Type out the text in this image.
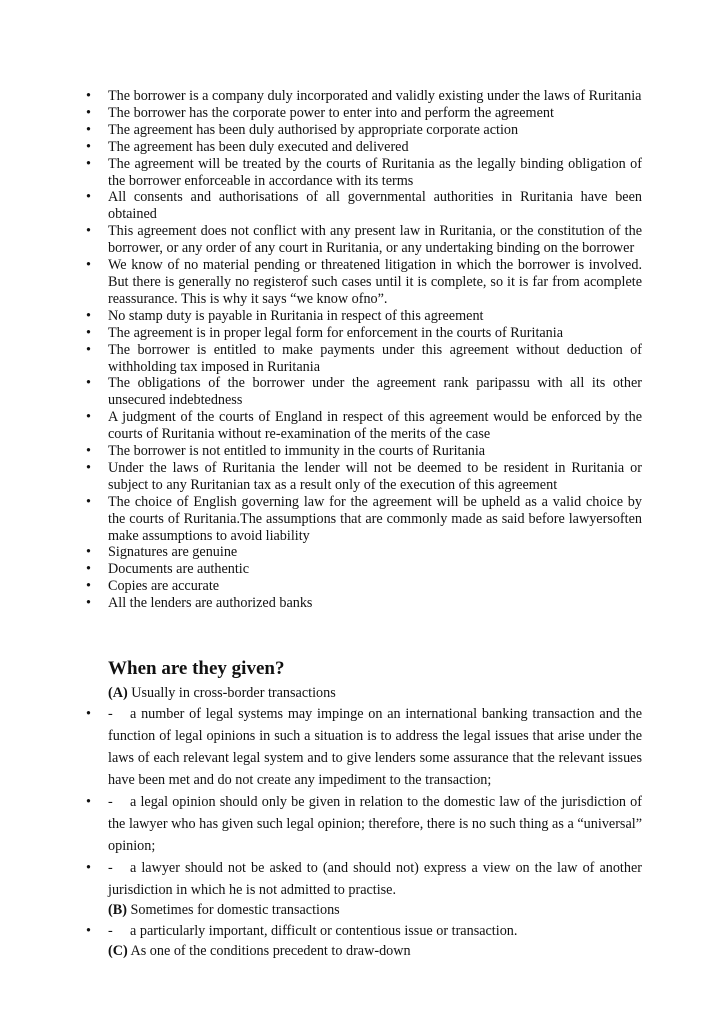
•	The borrower is a company duly incorporated and validly existing under the laws of Ruritania
•	The borrower has the corporate power to enter into and perform the agreement
•	The agreement has been duly authorised by appropriate corporate action
•	The agreement has been duly executed and delivered
•	The agreement will be treated by the courts of Ruritania as the legally binding obligation of the borrower enforceable in accordance with its terms
•	All consents and authorisations of all governmental authorities in Ruritania have been obtained
•	This agreement does not conflict with any present law in Ruritania, or the constitution of the borrower, or any order of any court in Ruritania, or any undertaking binding on the borrower
•	We know of no material pending or threatened litigation in which the borrower is involved. But there is generally no registerof such cases until it is complete, so it is far from acomplete reassurance. This is why it says “we know ofno”.
•	No stamp duty is payable in Ruritania in respect of this agreement
•	The agreement is in proper legal form for enforcement in the courts of Ruritania
•	The borrower is entitled to make payments under this agreement without deduction of withholding tax imposed in Ruritania
•	The obligations of the borrower under the agreement rank paripassu with all its other unsecured indebtedness
•	A judgment of the courts of England in respect of this agreement would be enforced by the courts of Ruritania without re-examination of the merits of the case
•	The borrower is not entitled to immunity in the courts of Ruritania
•	Under the laws of Ruritania the lender will not be deemed to be resident in Ruritania or subject to any Ruritanian tax as a result only of the execution of this agreement
•	The choice of English governing law for the agreement will be upheld as a valid choice by the courts of Ruritania.The assumptions that are commonly made as said before lawyersoften make assumptions to avoid liability
•	Signatures are genuine
•	Documents are authentic
•	Copies are accurate
•	All the lenders are authorized banks
When are they given?
(A) Usually in cross-border transactions
• - a number of legal systems may impinge on an international banking transaction and the function of legal opinions in such a situation is to address the legal issues that arise under the laws of each relevant legal system and to give lenders some assurance that the relevant issues have been met and do not create any impediment to the transaction;
• - a legal opinion should only be given in relation to the domestic law of the jurisdiction of the lawyer who has given such legal opinion; therefore, there is no such thing as a “universal” opinion;
• - a lawyer should not be asked to (and should not) express a view on the law of another jurisdiction in which he is not admitted to practise.
(B) Sometimes for domestic transactions
• - a particularly important, difficult or contentious issue or transaction.
(C) As one of the conditions precedent to draw-down
